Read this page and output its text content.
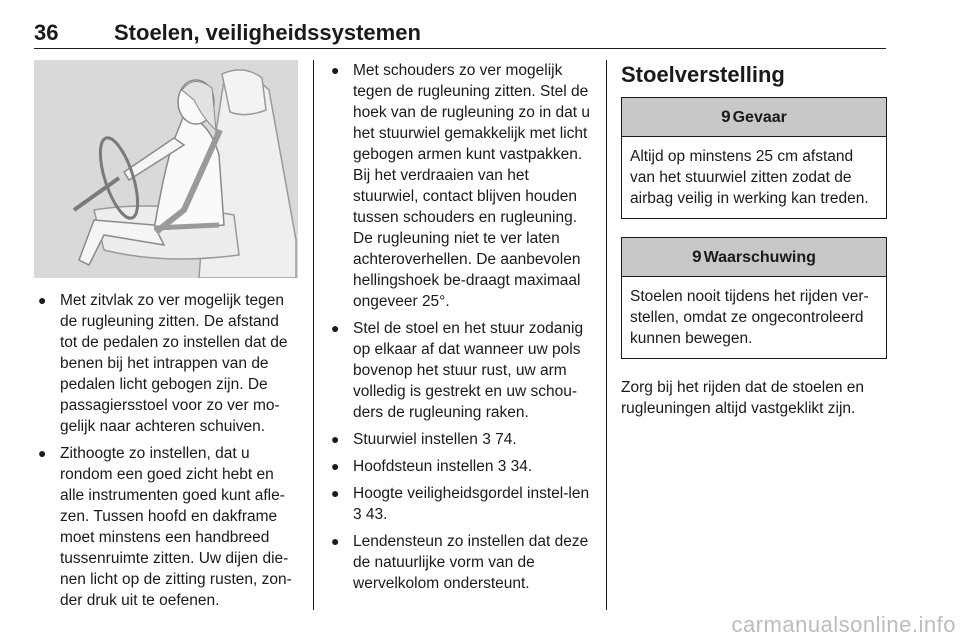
36	Stoelen, veiligheidssystemen
● Met zitvlak zo ver mogelijk tegen de rugleuning zitten. De afstand tot de pedalen zo instellen dat de benen bij het intrappen van de pedalen licht gebogen zijn. De passagiersstoel voor zo ver mo-gelijk naar achteren schuiven.
● Zithoogte zo instellen, dat u rondom een goed zicht hebt en alle instrumenten goed kunt afle-zen. Tussen hoofd en dakframe moet minstens een handbreed tussenruimte zitten. Uw dijen die-nen licht op de zitting rusten, zon-der druk uit te oefenen.
● Met schouders zo ver mogelijk tegen de rugleuning zitten. Stel de hoek van de rugleuning zo in dat u het stuurwiel gemakkelijk met licht gebogen armen kunt vastpakken. Bij het verdraaien van het stuurwiel, contact blijven houden tussen schouders en rugleuning. De rugleuning niet te ver laten achteroverhellen. De aanbevolen hellingshoek be-draagt maximaal ongeveer 25°.
● Stel de stoel en het stuur zodanig op elkaar af dat wanneer uw pols bovenop het stuur rust, uw arm volledig is gestrekt en uw schou-ders de rugleuning raken.
● Stuurwiel instellen 3 74.
● Hoofdsteun instellen 3 34.
● Hoogte veiligheidsgordel instel-len 3 43.
● Lendensteun zo instellen dat deze de natuurlijke vorm van de wervelkolom ondersteunt.
Stoelverstelling
9 Gevaar
Altijd op minstens 25 cm afstand van het stuurwiel zitten zodat de airbag veilig in werking kan treden.
9 Waarschuwing
Stoelen nooit tijdens het rijden ver-stellen, omdat ze ongecontroleerd kunnen bewegen.
Zorg bij het rijden dat de stoelen en rugleuningen altijd vastgeklikt zijn.
carmanualsonline.info
